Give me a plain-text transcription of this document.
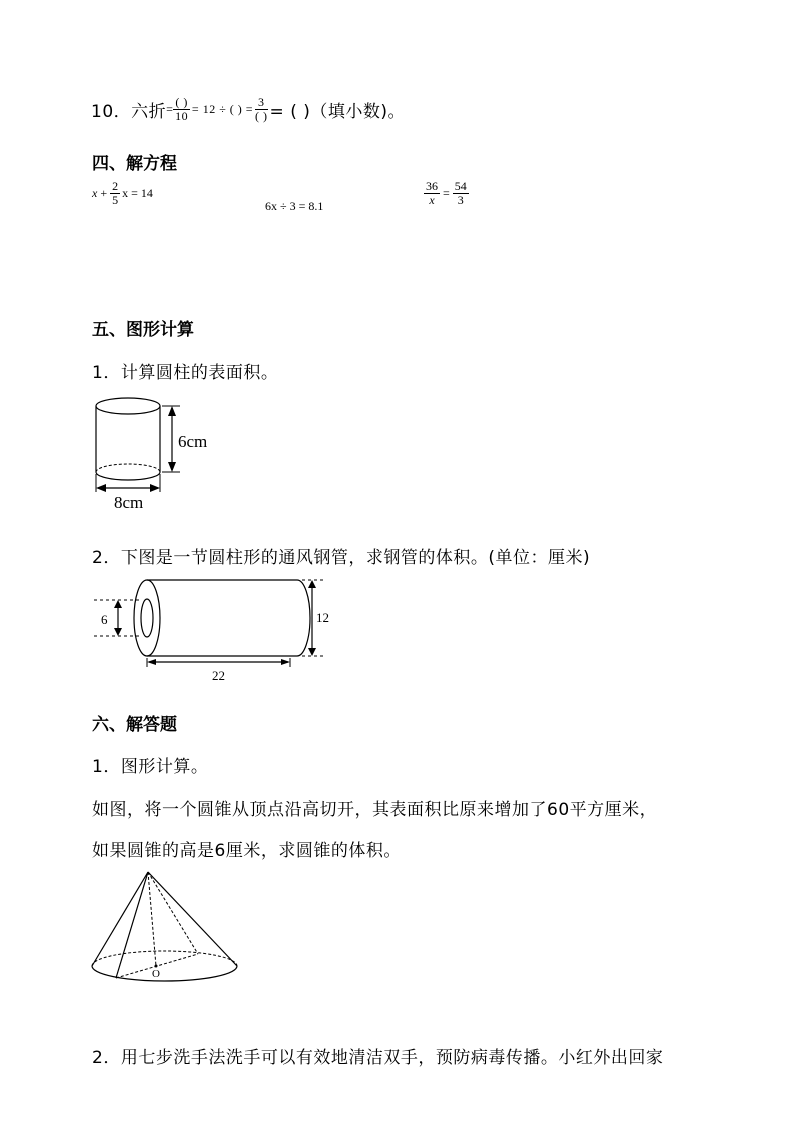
10． 六折 = $\frac{( )}{10} = 12$ ÷ ( ) = $\frac{3}{( )}$ = ( )（填小数)。
四、解方程
$x + \frac{2}{5}$ x = 14
6x ÷ 3 = 8.1	$\frac{36}{x} = \frac{54}{3}$
五、图形计算
1．计算圆柱的表面积。
6cm
8cm
2．下图是一节圆柱形的通风钢管，求钢管的体积。(单位：厘米)
6	12
22
六、解答题
1．图形计算。
如图，将一个圆锥从顶点沿高切开，其表面积比原来增加了60平方厘米，
如果圆锥的高是6厘米，求圆锥的体积。
O
2．用七步洗手法洗手可以有效地清洁双手，预防病毒传播。小红外出回家
